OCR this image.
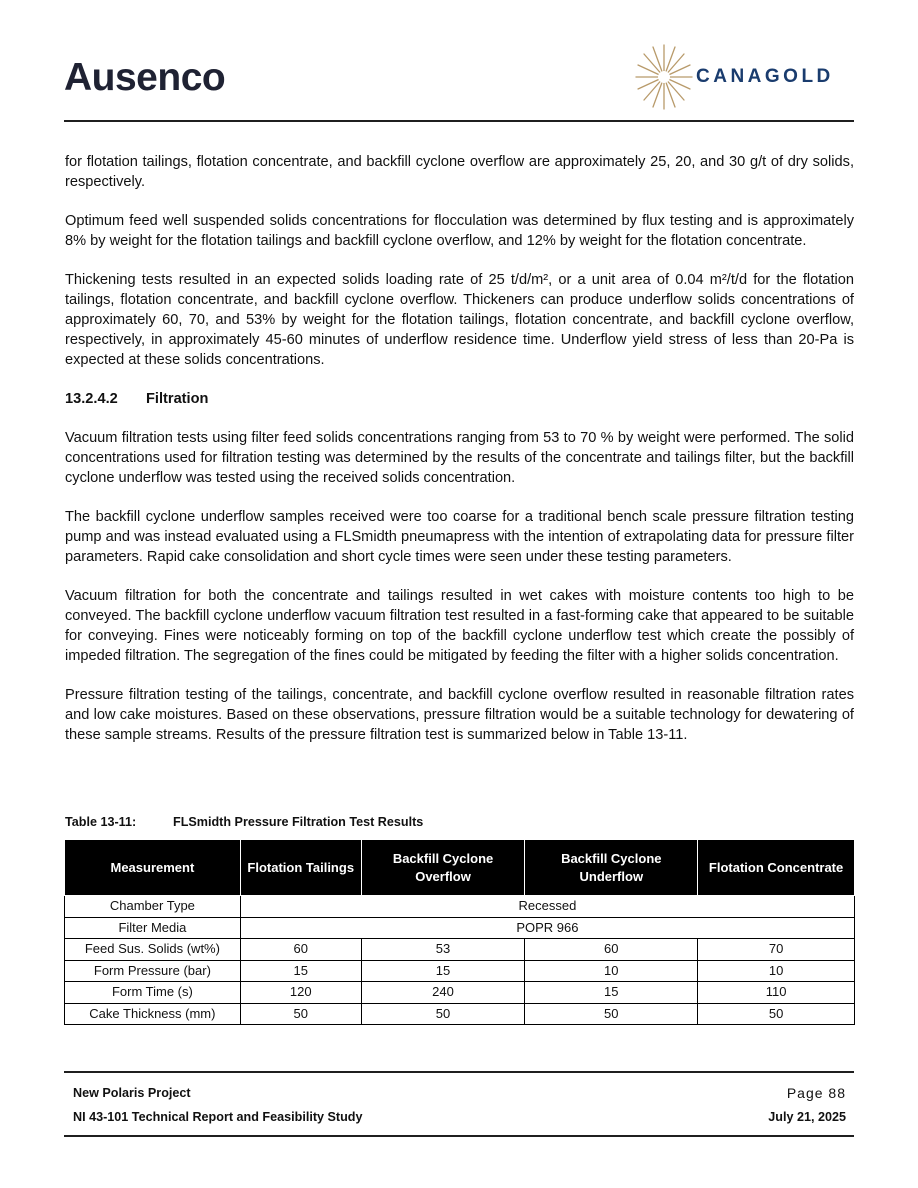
Ausenco	CANAGOLD

for flotation tailings, flotation concentrate, and backfill cyclone overflow are approximately 25, 20, and 30 g/t of dry solids, respectively.

Optimum feed well suspended solids concentrations for flocculation was determined by flux testing and is approximately 8% by weight for the flotation tailings and backfill cyclone overflow, and 12% by weight for the flotation concentrate.

Thickening tests resulted in an expected solids loading rate of 25 t/d/m², or a unit area of 0.04 m²/t/d for the flotation tailings, flotation concentrate, and backfill cyclone overflow. Thickeners can produce underflow solids concentrations of approximately 60, 70, and 53% by weight for the flotation tailings, flotation concentrate, and backfill cyclone overflow, respectively, in approximately 45-60 minutes of underflow residence time. Underflow yield stress of less than 20-Pa is expected at these solids concentrations.

13.2.4.2 Filtration

Vacuum filtration tests using filter feed solids concentrations ranging from 53 to 70 % by weight were performed. The solid concentrations used for filtration testing was determined by the results of the concentrate and tailings filter, but the backfill cyclone underflow was tested using the received solids concentration.

The backfill cyclone underflow samples received were too coarse for a traditional bench scale pressure filtration testing pump and was instead evaluated using a FLSmidth pneumapress with the intention of extrapolating data for pressure filter parameters. Rapid cake consolidation and short cycle times were seen under these testing parameters.

Vacuum filtration for both the concentrate and tailings resulted in wet cakes with moisture contents too high to be conveyed. The backfill cyclone underflow vacuum filtration test resulted in a fast-forming cake that appeared to be suitable for conveying. Fines were noticeably forming on top of the backfill cyclone underflow test which create the possibly of impeded filtration. The segregation of the fines could be mitigated by feeding the filter with a higher solids concentration.

Pressure filtration testing of the tailings, concentrate, and backfill cyclone overflow resulted in reasonable filtration rates and low cake moistures. Based on these observations, pressure filtration would be a suitable technology for dewatering of these sample streams. Results of the pressure filtration test is summarized below in Table 13-11.

Table 13-11:	FLSmidth Pressure Filtration Test Results
Measurement	Flotation Tailings	Backfill Cyclone Overflow	Backfill Cyclone Underflow	Flotation Concentrate
Chamber Type	Recessed			
Filter Media	POPR 966			
Feed Sus. Solids (wt%)	60	53	60	70
Form Pressure (bar)	15	15	10	10
Form Time (s)	120	240	15	110
Cake Thickness (mm)	50	50	50	50
New Polaris Project
NI 43-101 Technical Report and Feasibility Study
Page 88
July 21, 2025
